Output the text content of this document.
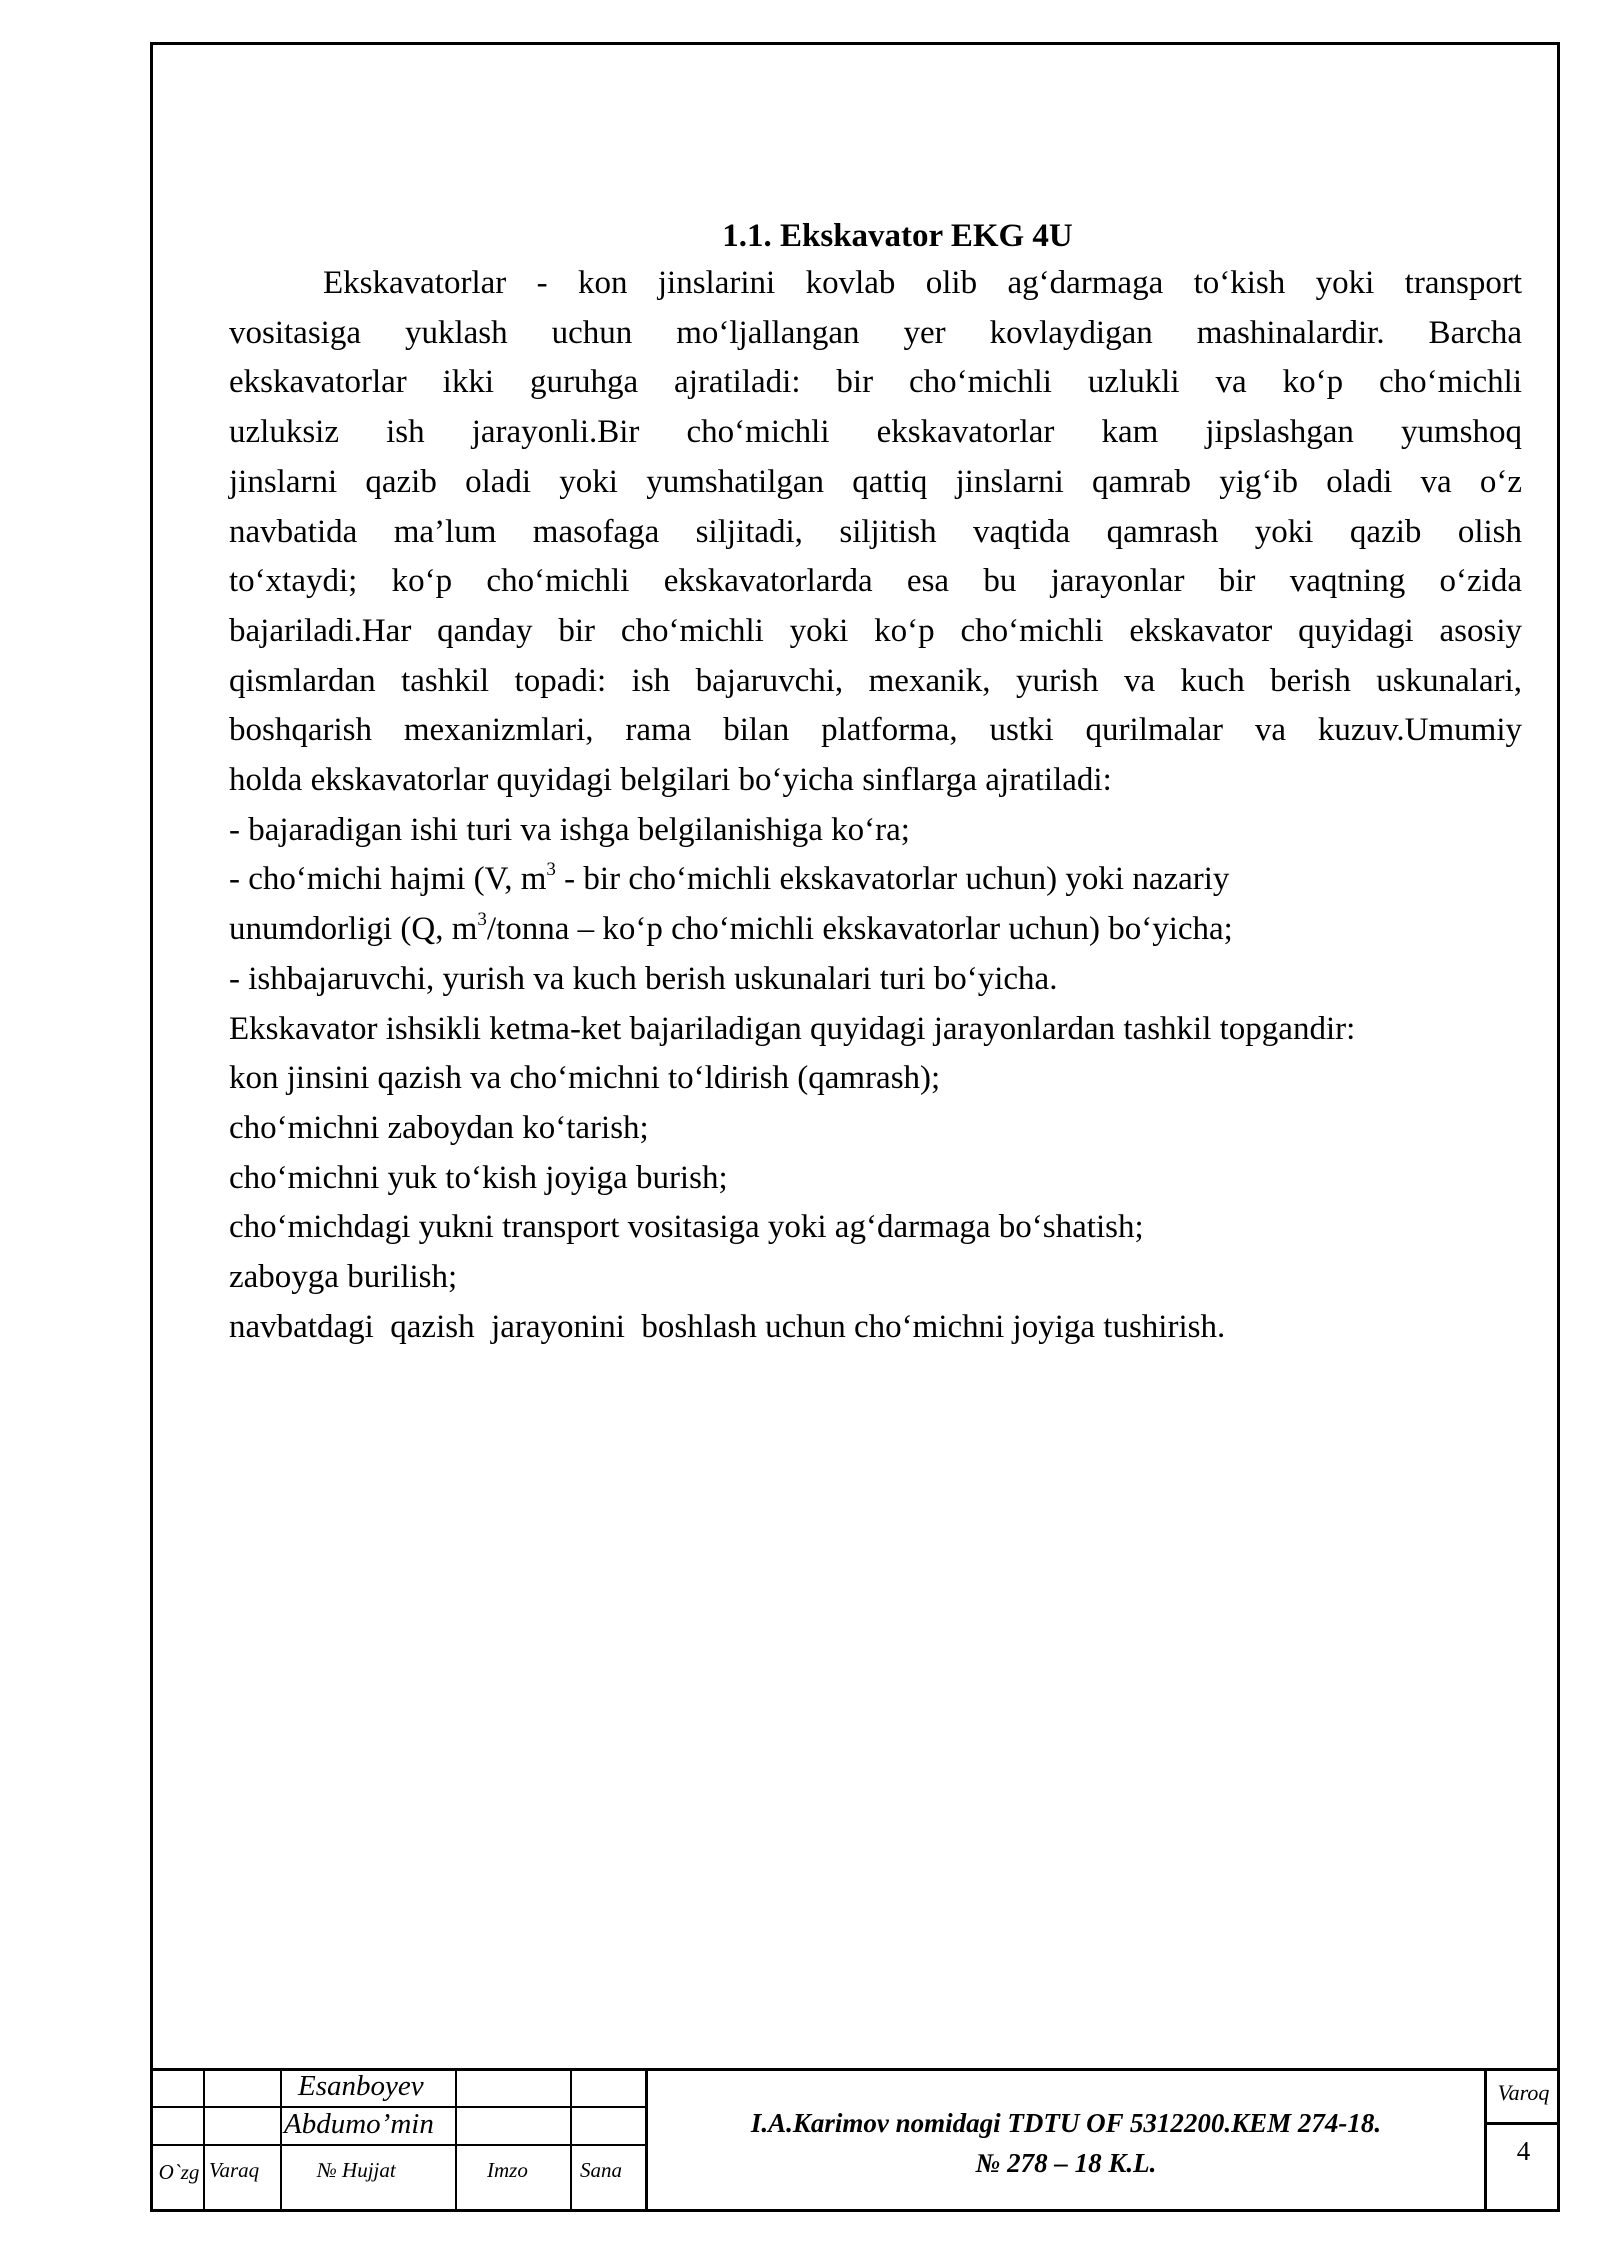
1.1. Ekskavator EKG 4U

Ekskavatorlar - kon jinslarini kovlab olib ag‘darmaga to‘kish yoki transport

vositasiga yuklash uchun mo‘ljallangan yer kovlaydigan mashinalardir. Barcha

ekskavatorlar ikki guruhga ajratiladi: bir cho‘michli uzlukli va ko‘p cho‘michli

uzluksiz ish jarayonli.Bir cho‘michli ekskavatorlar kam jipslashgan yumshoq

jinslarni qazib oladi yoki yumshatilgan qattiq jinslarni qamrab yig‘ib oladi va o‘z

navbatida ma’lum masofaga siljitadi, siljitish vaqtida qamrash yoki qazib olish

to‘xtaydi; ko‘p cho‘michli ekskavatorlarda esa bu jarayonlar bir vaqtning o‘zida

bajariladi.Har qanday bir cho‘michli yoki ko‘p cho‘michli ekskavator quyidagi asosiy

qismlardan tashkil topadi: ish bajaruvchi, mexanik, yurish va kuch berish uskunalari,

boshqarish mexanizmlari, rama bilan platforma, ustki qurilmalar va kuzuv.Umumiy

holda ekskavatorlar quyidagi belgilari bo‘yicha sinflarga ajratiladi:

- bajaradigan ishi turi va ishga belgilanishiga ko‘ra;

- cho‘michi hajmi (V, $m^3$ - bir cho‘michli ekskavatorlar uchun) yoki nazariy

unumdorligi (Q, $m^3$/tonna – ko‘p cho‘michli ekskavatorlar uchun) bo‘yicha;

- ishbajaruvchi, yurish va kuch berish uskunalari turi bo‘yicha.

Ekskavator ishsikli ketma-ket bajariladigan quyidagi jarayonlardan tashkil topgandir:

kon jinsini qazish va cho‘michni to‘ldirish (qamrash);

cho‘michni zaboydan ko‘tarish;

cho‘michni yuk to‘kish joyiga burish;

cho‘michdagi yukni transport vositasiga yoki ag‘darmaga bo‘shatish;

zaboyga burilish;

navbatdagi  qazish  jarayonini  boshlash uchun cho‘michni joyiga tushirish.

Esanboyev
Abdumo’min
O`zg Varaq	№ Hujjat	Imzo Sana
I.A.Karimov nomidagi TDTU OF 5312200.KEM 274-18.
№ 278 – 18 K.L.
Varoq
4
